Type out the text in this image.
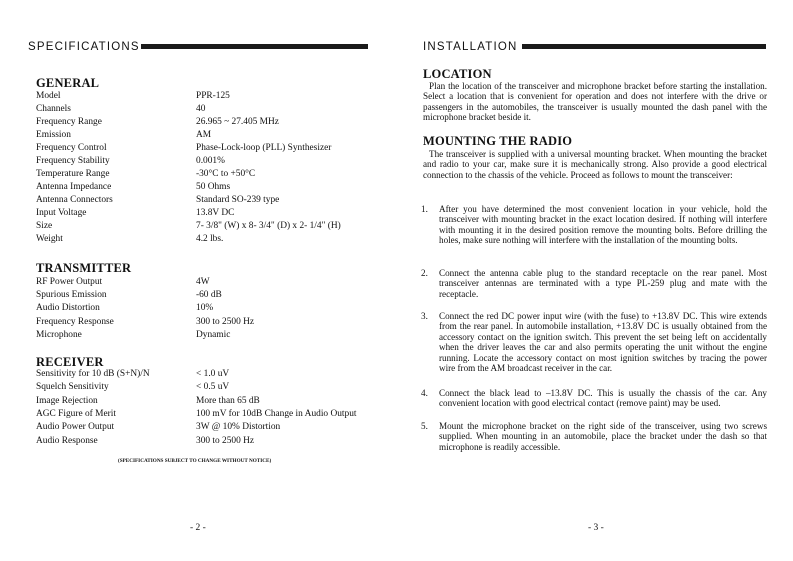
SPECIFICATIONS
GENERAL
Model	PPR-125
Channels	40
Frequency Range	26.965 ~ 27.405 MHz
Emission	AM
Frequency Control	Phase-Lock-loop (PLL) Synthesizer
Frequency Stability	0.001%
Temperature Range	-30°C to +50°C
Antenna Impedance	50 Ohms
Antenna Connectors	Standard SO-239 type
Input Voltage	13.8V DC
Size	7- 3/8" (W) x 8- 3/4" (D) x 2- 1/4" (H)
Weight	4.2 lbs.
TRANSMITTER
RF Power Output	4W
Spurious Emission	-60 dB
Audio Distortion	10%
Frequency Response	300 to 2500 Hz
Microphone	Dynamic
RECEIVER
Sensitivity for 10 dB (S+N)/N	< 1.0 uV
Squelch Sensitivity	< 0.5 uV
Image Rejection	More than 65 dB
AGC Figure of Merit	100 mV for 10dB Change in Audio Output
Audio Power Output	3W @ 10% Distortion
Audio Response	300 to 2500 Hz
(SPECIFICATIONS SUBJECT TO CHANGE WITHOUT NOTICE)
- 2 -
INSTALLATION
LOCATION
Plan the location of the transceiver and microphone bracket before starting the installation. Select a location that is convenient for operation and does not interfere with the drive or passengers in the automobiles, the transceiver is usually mounted the dash panel with the microphone bracket beside it.
MOUNTING THE RADIO
The transceiver is supplied with a universal mounting bracket. When mounting the bracket and radio to your car, make sure it is mechanically strong. Also provide a good electrical connection to the chassis of the vehicle. Proceed as follows to mount the transceiver:
1. After you have determined the most convenient location in your vehicle, hold the transceiver with mounting bracket in the exact location desired. If nothing will interfere with mounting it in the desired position remove the mounting bolts. Before drilling the holes, make sure nothing will interfere with the installation of the mounting bolts.
2. Connect the antenna cable plug to the standard receptacle on the rear panel. Most transceiver antennas are terminated with a type PL-259 plug and mate with the receptacle.
3. Connect the red DC power input wire (with the fuse) to +13.8V DC. This wire extends from the rear panel. In automobile installation, +13.8V DC is usually obtained from the accessory contact on the ignition switch. This prevent the set being left on accidentally when the driver leaves the car and also permits operating the unit without the engine running. Locate the accessory contact on most ignition switches by tracing the power wire from the AM broadcast receiver in the car.
4. Connect the black lead to –13.8V DC. This is usually the chassis of the car. Any convenient location with good electrical contact (remove paint) may be used.
5. Mount the microphone bracket on the right side of the transceiver, using two screws supplied. When mounting in an automobile, place the bracket under the dash so that microphone is readily accessible.
- 3 -
